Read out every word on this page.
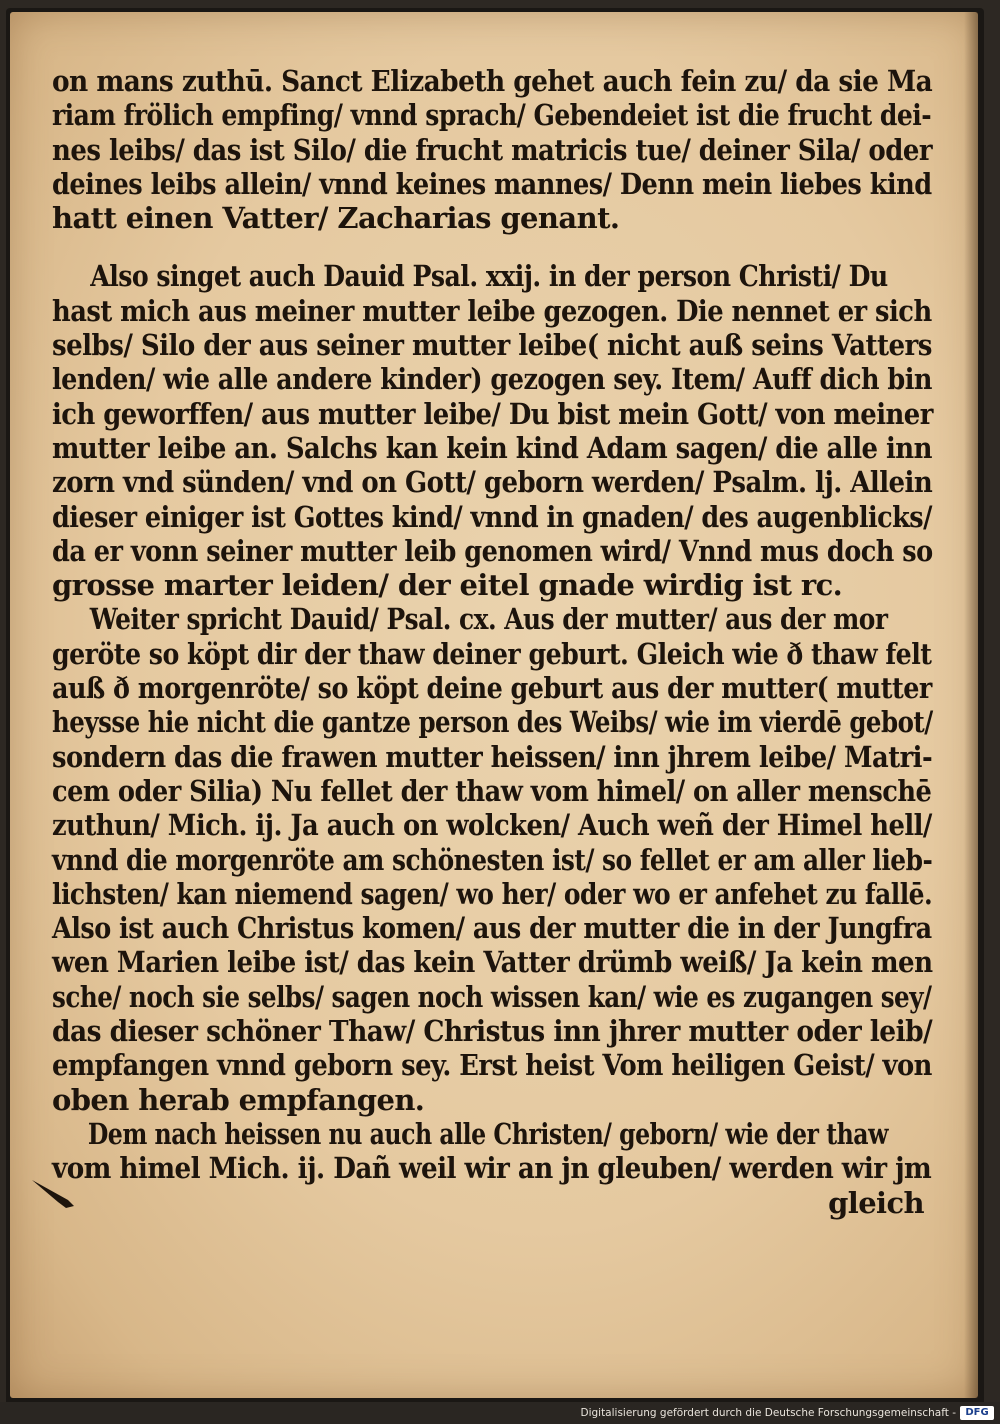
on mans zuthū. Sanct Elizabeth gehet auch fein zu/ da sie Ma
riam frölich empfing/ vnnd sprach/ Gebendeiet ist die frucht dei-
nes leibs/ das ist Silo/ die frucht matricis tue/ deiner Sila/ oder
deines leibs allein/ vnnd keines mannes/ Denn mein liebes kind
hatt einen Vatter/ Zacharias genant.
Also singet auch Dauid Psal. xxij. in der person Christi/ Du
hast mich aus meiner mutter leibe gezogen. Die nennet er sich
selbs/ Silo der aus seiner mutter leibe( nicht auß seins Vatters
lenden/ wie alle andere kinder) gezogen sey. Item/ Auff dich bin
ich geworffen/ aus mutter leibe/ Du bist mein Gott/ von meiner
mutter leibe an. Salchs kan kein kind Adam sagen/ die alle inn
zorn vnd sünden/ vnd on Gott/ geborn werden/ Psalm. lj. Allein
dieser einiger ist Gottes kind/ vnnd in gnaden/ des augenblicks/
da er vonn seiner mutter leib genomen wird/ Vnnd mus doch so
grosse marter leiden/ der eitel gnade wirdig ist rc.
Weiter spricht Dauid/ Psal. cx. Aus der mutter/ aus der mor
geröte so köpt dir der thaw deiner geburt. Gleich wie ð thaw felt
auß ð morgenröte/ so köpt deine geburt aus der mutter( mutter
heysse hie nicht die gantze person des Weibs/ wie im vierdē gebot/
sondern das die frawen mutter heissen/ inn jhrem leibe/ Matri-
cem oder Silia) Nu fellet der thaw vom himel/ on aller menschē
zuthun/ Mich. ij. Ja auch on wolcken/ Auch weñ der Himel hell/
vnnd die morgenröte am schönesten ist/ so fellet er am aller lieb-
lichsten/ kan niemend sagen/ wo her/ oder wo er anfehet zu fallē.
Also ist auch Christus komen/ aus der mutter die in der Jungfra
wen Marien leibe ist/ das kein Vatter drümb weiß/ Ja kein men
sche/ noch sie selbs/ sagen noch wissen kan/ wie es zugangen sey/
das dieser schöner Thaw/ Christus inn jhrer mutter oder leib/
empfangen vnnd geborn sey. Erst heist Vom heiligen Geist/ von
oben herab empfangen.
Dem nach heissen nu auch alle Christen/ geborn/ wie der thaw
vom himel Mich. ij. Dañ weil wir an jn gleuben/ werden wir jm
gleich
Digitalisierung gefördert durch die Deutsche Forschungsgemeinschaft - DFG
